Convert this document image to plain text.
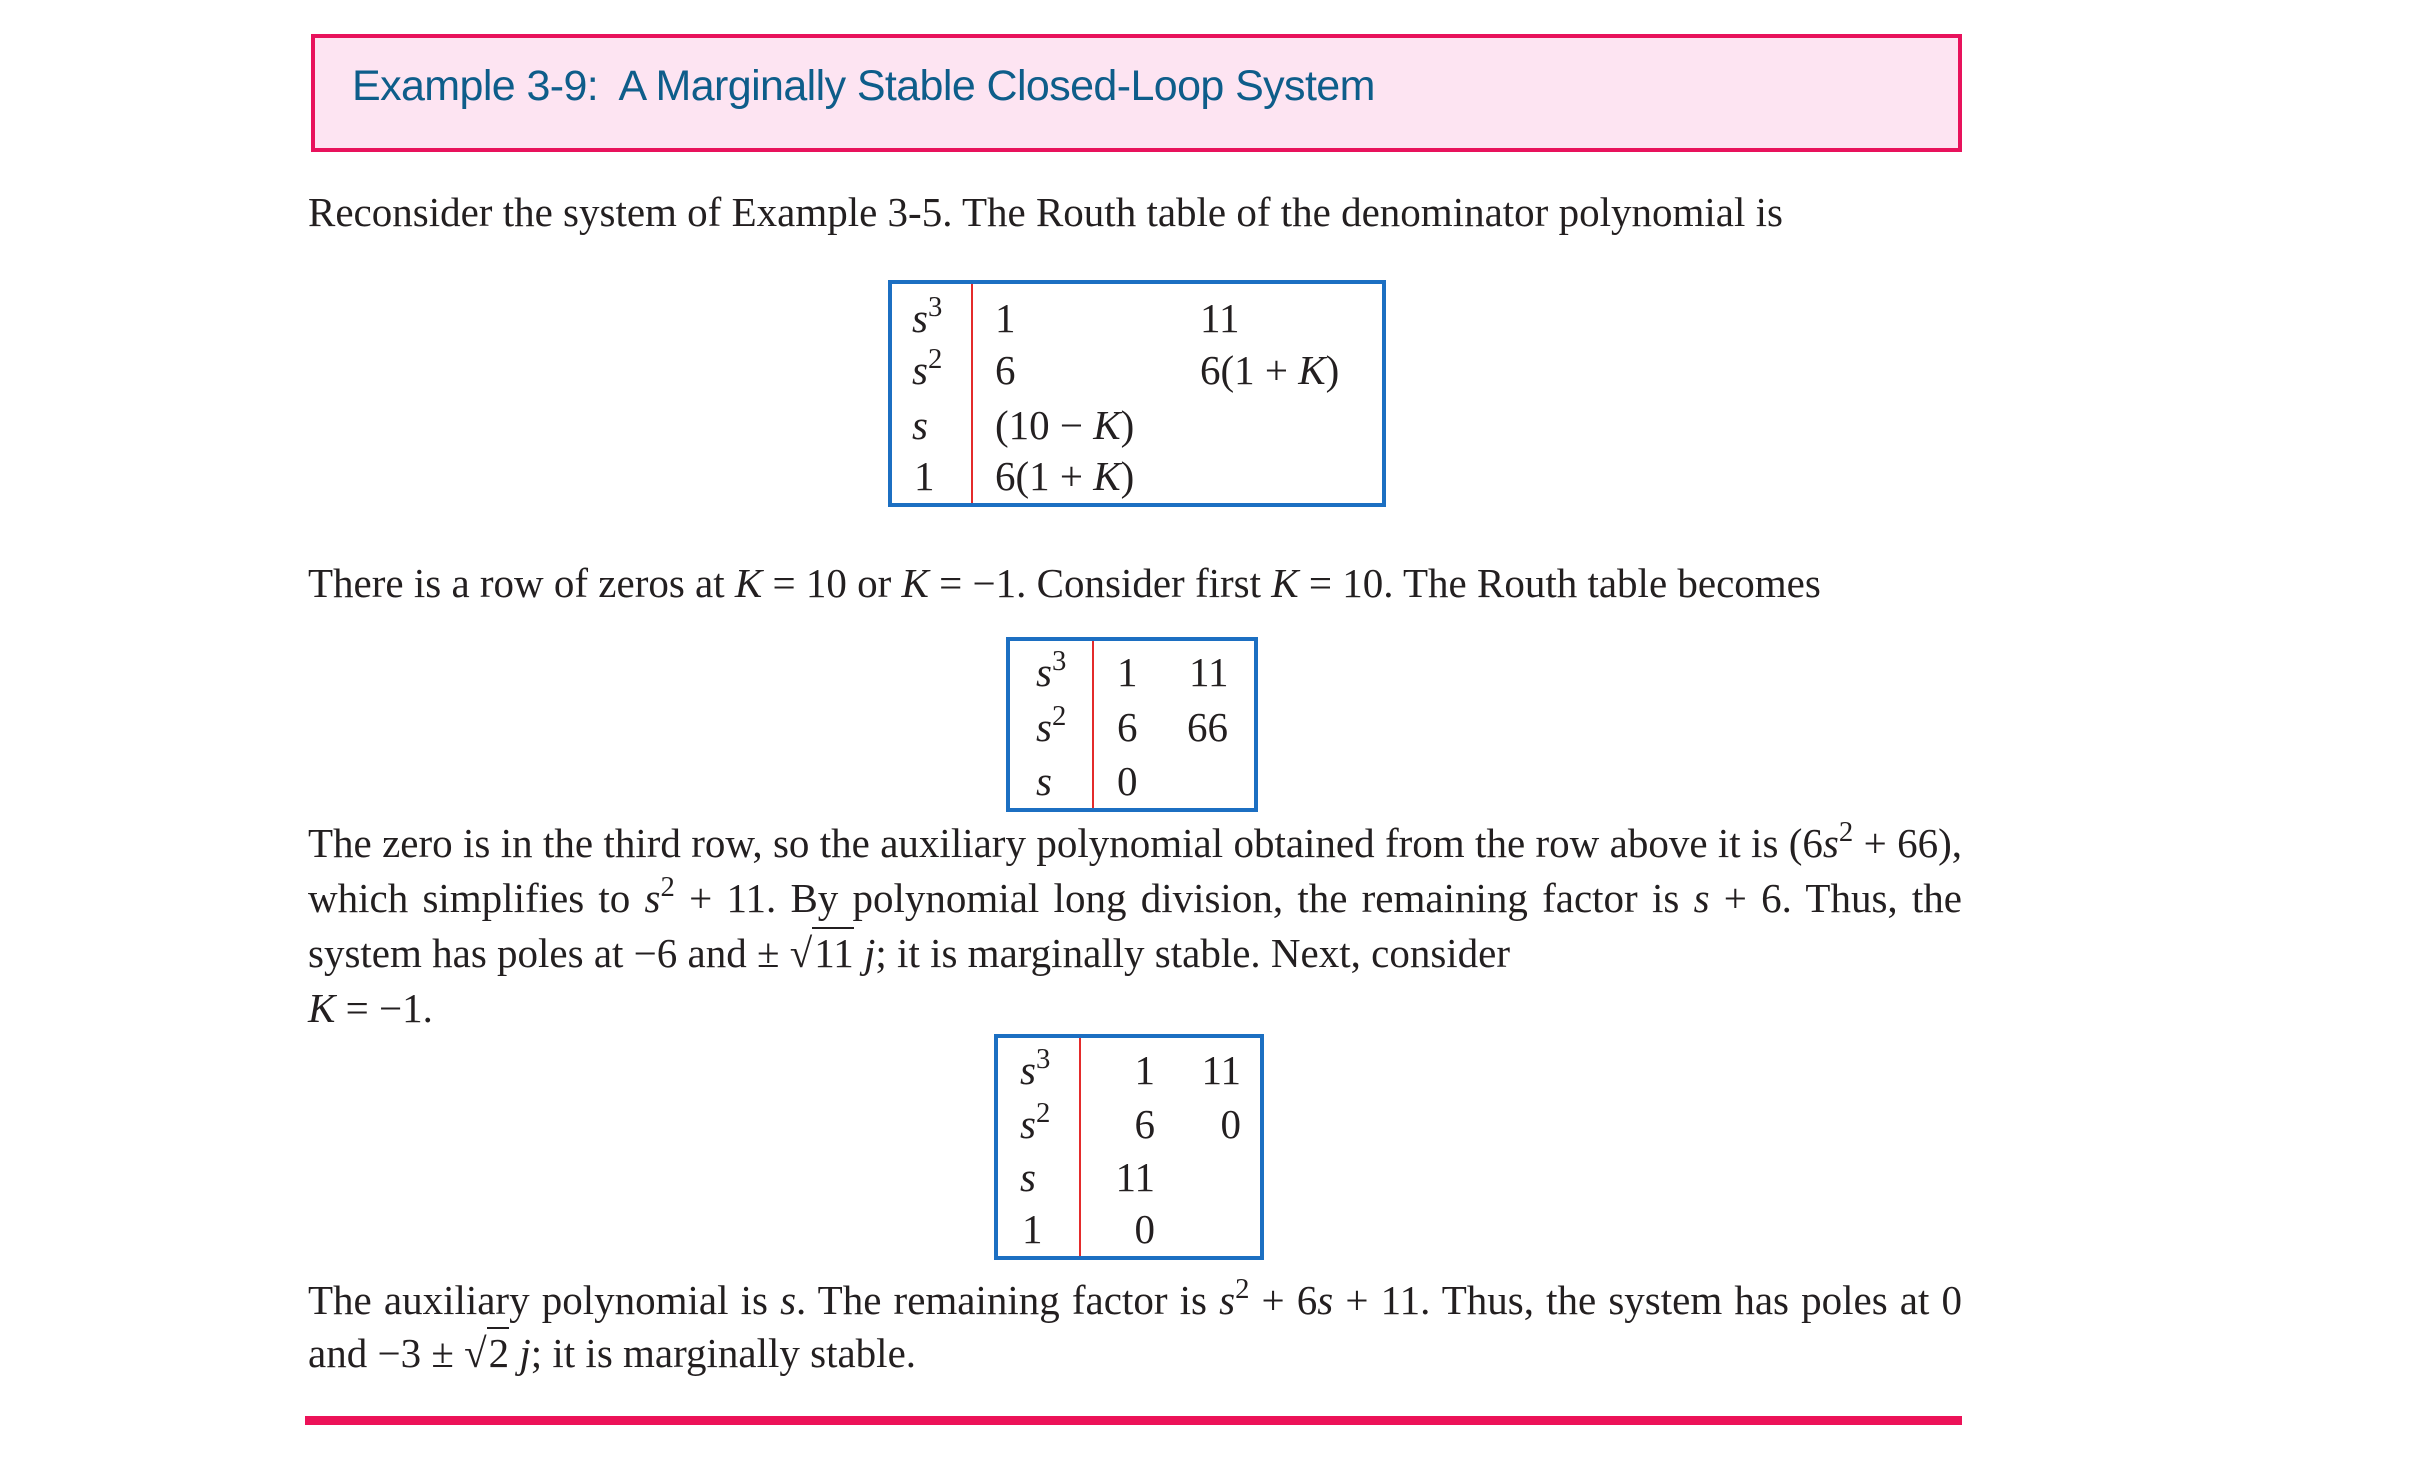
Example 3-9:  A Marginally Stable Closed-Loop System
Reconsider the system of Example 3-5. The Routh table of the denominator polynomial is
$s^3$ 1	11
$s^2$ 6	6(1 + K)
s (10 − K)
1 6(1 + K)
There is a row of zeros at K = 10 or K = −1. Consider first K = 10. The Routh table becomes
$s^3$ 1 11
$s^2$ 6 66
s 0
The zero is in the third row, so the auxiliary polynomial obtained from the row above it is $(6s^2 + 66)$, which simplifies to $s^2 + 11$. By polynomial long division, the remaining factor is s + 6. Thus, the system has poles at −6 and ± √11 j; it is marginally stable. Next, consider
K = −1.
$s^3$	1	11
$s^2$	6	0
s 11
1	0
The auxiliary polynomial is s. The remaining factor is $s^2 + 6s + 11$. Thus, the system has poles at 0 and −3 ± √2 j; it is marginally stable.
